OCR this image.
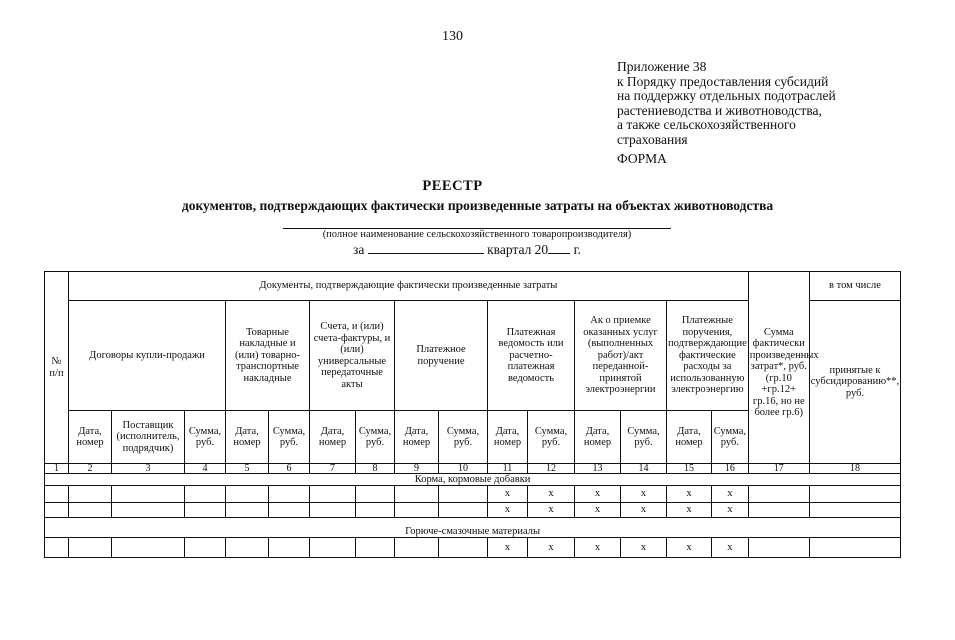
130
Приложение 38
к Порядку предоставления субсидий
на поддержку отдельных подотраслей
растениеводства и животноводства,
а также сельскохозяйственного
страхования
ФОРМА
РЕЕСТР
документов, подтверждающих фактически произведенные затраты на объектах животноводства
(полное наименование сельскохозяйственного товаропроизводителя)
за	квартал 20 г.
№ п/п	Документы, подтверждающие фактически произведенные затраты																в том числе
	Договоры купли-продажи			Товарные накладные и (или) товарно-транспортные накладные		Счета, и (или) счета-фактуры, и (или) универсальные передаточные акты		Платежное поручение		Платежная ведомость или расчетно-платежная ведомость		Ак о приемке оказанных услуг (выполненных работ)/акт переданной-принятой электроэнергии		Платежные поручения, подтверждающие фактические расходы за использованную электроэнергию			принятые к субсидированию**, руб.
	Дата, номер	Поставщик (исполнитель, подрядчик)	Сумма, руб.	Дата, номер	Сумма, руб.	Дата, номер	Сумма, руб.	Дата, номер	Сумма, руб.	Дата, номер	Сумма, руб.	Дата, номер	Сумма, руб.	Дата, номер	Сумма, руб.	Сумма фактически произведенных затрат*, руб. (гр.10 +гр.12+ гр.16, но не более гр.6)	

1	2	3	4	5	6	7	8	9	10	11	12	13	14	15	16	17	18
Корма, кормовые добавки																	
										x	x	x	x	x	x		
										x	x	x	x	x	x		
Горюче-смазочные материалы																	
										x	x	x	x	x	x		
